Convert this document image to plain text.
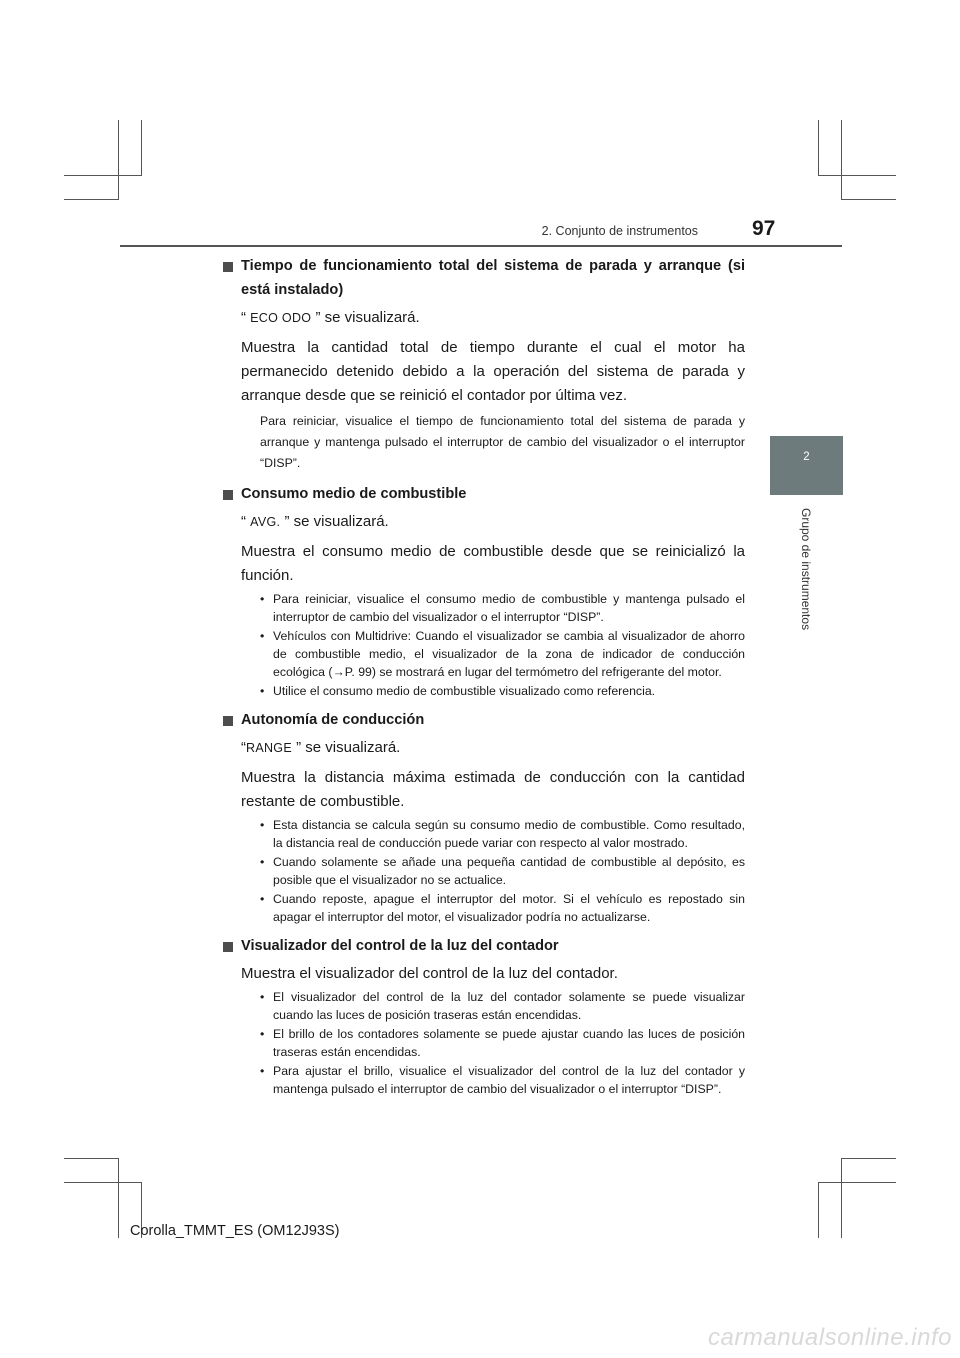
2. Conjunto de instrumentos	97
2
Grupo de instrumentos
Tiempo de funcionamiento total del sistema de parada y arranque (si está instalado)
“ ECO ODO ” se visualizará.
Muestra la cantidad total de tiempo durante el cual el motor ha permanecido detenido debido a la operación del sistema de parada y arranque desde que se reinició el contador por última vez.
Para reiniciar, visualice el tiempo de funcionamiento total del sistema de parada y arranque y mantenga pulsado el interruptor de cambio del visualizador o el interruptor “DISP”.
Consumo medio de combustible
“ AVG. ” se visualizará.
Muestra el consumo medio de combustible desde que se reinicializó la función.
• Para reiniciar, visualice el consumo medio de combustible y mantenga pulsado el interruptor de cambio del visualizador o el interruptor “DISP”.
• Vehículos con Multidrive: Cuando el visualizador se cambia al visualizador de ahorro de combustible medio, el visualizador de la zona de indicador de conducción ecológica (→P. 99) se mostrará en lugar del termómetro del refrigerante del motor.
• Utilice el consumo medio de combustible visualizado como referencia.
Autonomía de conducción
“RANGE ” se visualizará.
Muestra la distancia máxima estimada de conducción con la cantidad restante de combustible.
• Esta distancia se calcula según su consumo medio de combustible. Como resultado, la distancia real de conducción puede variar con respecto al valor mostrado.
• Cuando solamente se añade una pequeña cantidad de combustible al depósito, es posible que el visualizador no se actualice.
• Cuando reposte, apague el interruptor del motor. Si el vehículo es repostado sin apagar el interruptor del motor, el visualizador podría no actualizarse.
Visualizador del control de la luz del contador
Muestra el visualizador del control de la luz del contador.
• El visualizador del control de la luz del contador solamente se puede visualizar cuando las luces de posición traseras están encendidas.
• El brillo de los contadores solamente se puede ajustar cuando las luces de posición traseras están encendidas.
• Para ajustar el brillo, visualice el visualizador del control de la luz del contador y mantenga pulsado el interruptor de cambio del visualizador o el interruptor “DISP”.
Corolla_TMMT_ES (OM12J93S)
carmanualsonline.info
